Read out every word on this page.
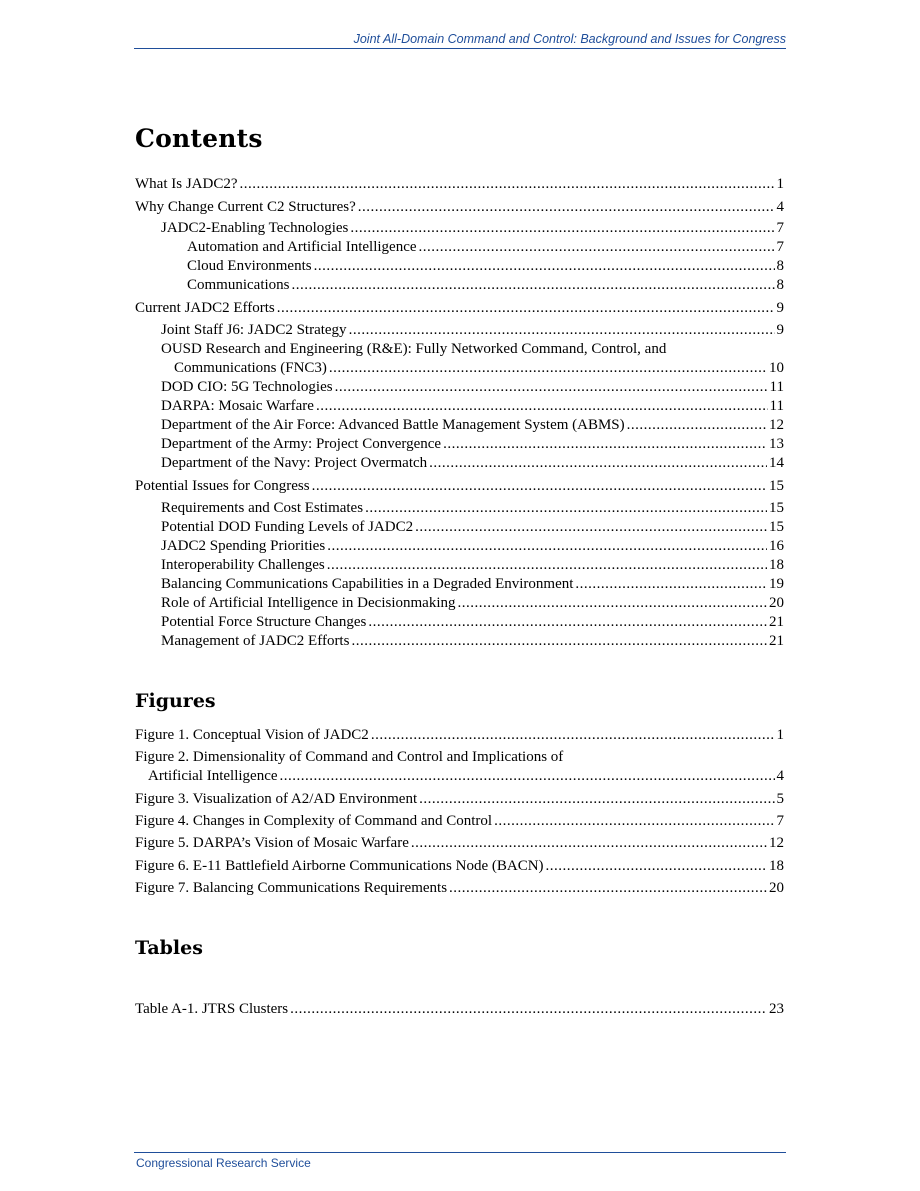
Joint All-Domain Command and Control: Background and Issues for Congress
Contents
What Is JADC2? .....	1
Why Change Current C2 Structures? .....	4
JADC2-Enabling Technologies .....	7
Automation and Artificial Intelligence .....	7
Cloud Environments .....	8
Communications .....	8
Current JADC2 Efforts .....	9
Joint Staff J6: JADC2 Strategy .....	9
OUSD Research and Engineering (R&E): Fully Networked Command, Control, and
Communications (FNC3) .....	10
DOD CIO: 5G Technologies .....	11
DARPA: Mosaic Warfare .....	11
Department of the Air Force: Advanced Battle Management System (ABMS) .....	12
Department of the Army: Project Convergence .....	13
Department of the Navy: Project Overmatch .....	14
Potential Issues for Congress .....	15
Requirements and Cost Estimates .....	15
Potential DOD Funding Levels of JADC2 .....	15
JADC2 Spending Priorities .....	16
Interoperability Challenges .....	18
Balancing Communications Capabilities in a Degraded Environment .....	19
Role of Artificial Intelligence in Decisionmaking .....	20
Potential Force Structure Changes .....	21
Management of JADC2 Efforts .....	21
Figures
Figure 1. Conceptual Vision of JADC2 .....	1
Figure 2. Dimensionality of Command and Control and Implications of
Artificial Intelligence .....	4
Figure 3. Visualization of A2/AD Environment .....	5
Figure 4. Changes in Complexity of Command and Control .....	7
Figure 5. DARPA’s Vision of Mosaic Warfare .....	12
Figure 6. E-11 Battlefield Airborne Communications Node (BACN) .....	18
Figure 7. Balancing Communications Requirements .....	20
Tables
Table A-1. JTRS Clusters .....	23
Congressional Research Service
